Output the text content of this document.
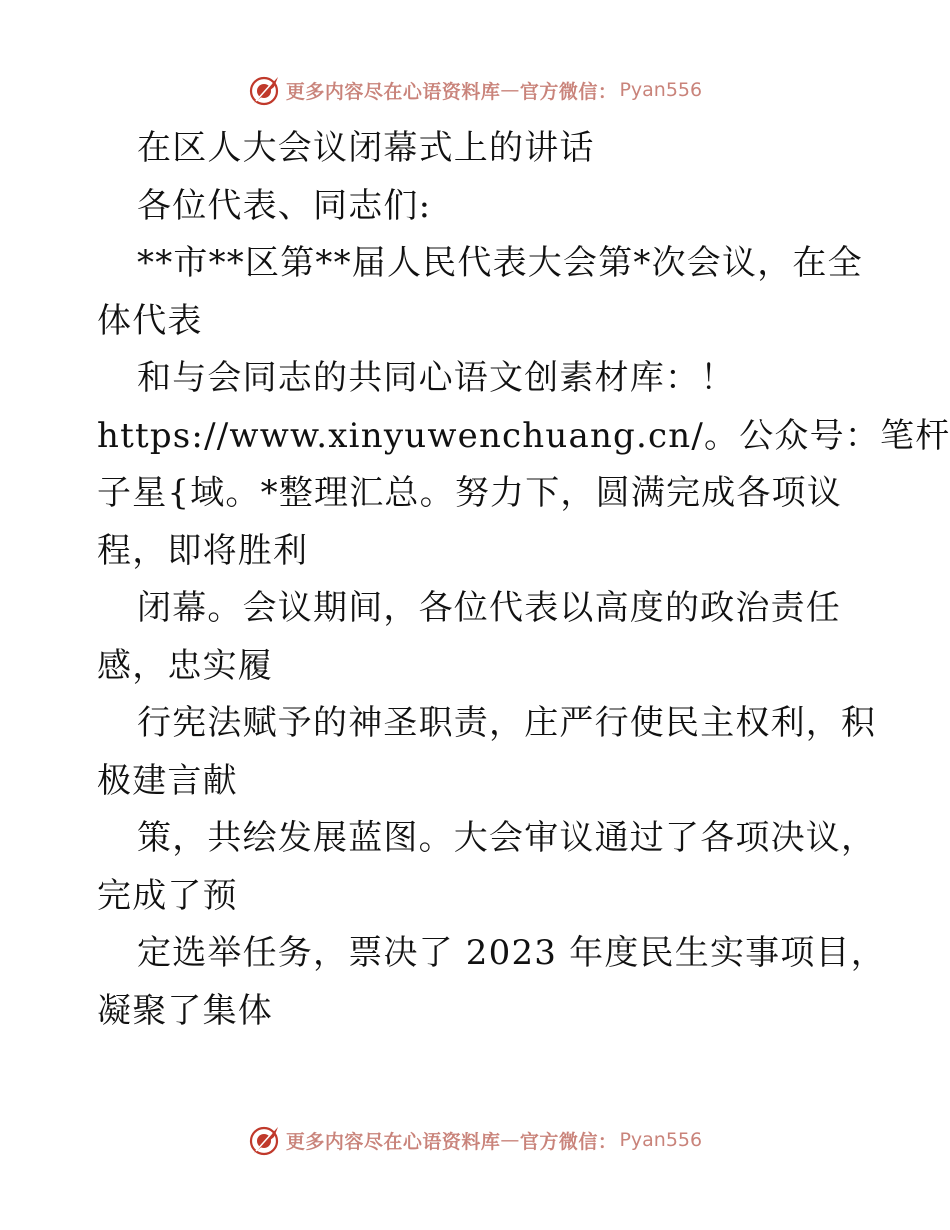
更多内容尽在心语资料库 — 官方微信： Pyan556
在区人大会议闭幕式上的讲话
各位代表、同志们:
**市**区第**届人民代表大会第*次会议，在全
体代表
和与会同志的共同心语文创素材库：！
https://www.xinyuwenchuang.cn/。公众号：笔杆
子星{域。*整理汇总。努力下，圆满完成各项议
程，即将胜利
闭幕。会议期间，各位代表以高度的政治责任
感，忠实履
行宪法赋予的神圣职责，庄严行使民主权利，积
极建言献
策，共绘发展蓝图。大会审议通过了各项决议，
完成了预
定选举任务，票决了 2023 年度民生实事项目，
凝聚了集体
更多内容尽在心语资料库 — 官方微信： Pyan556
